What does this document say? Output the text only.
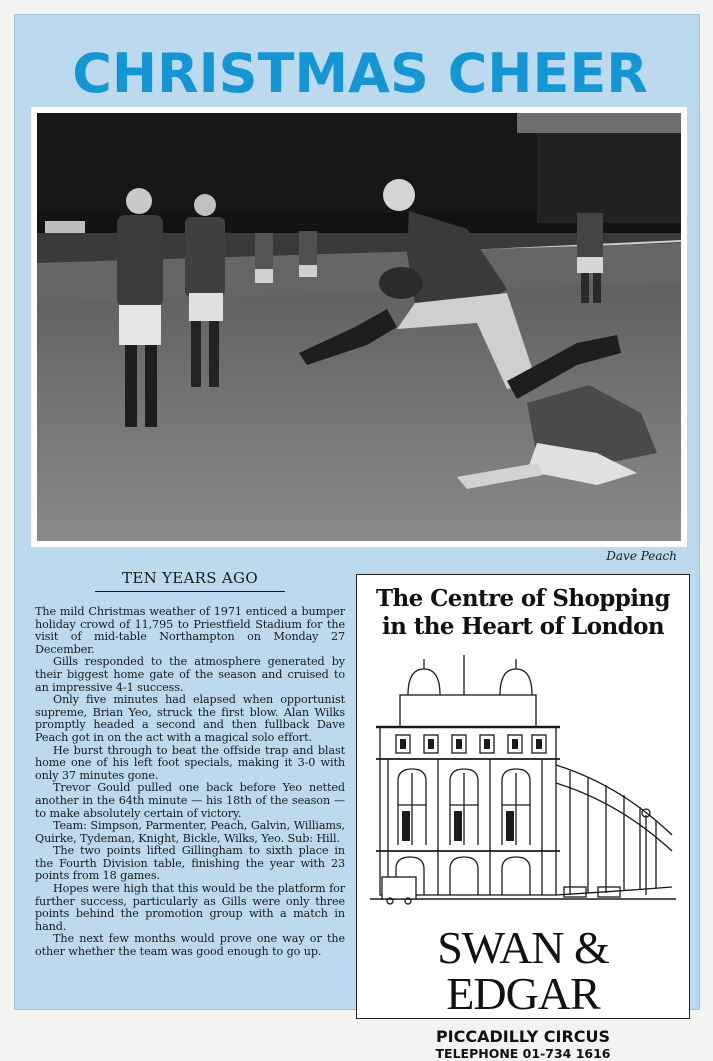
CHRISTMAS CHEER
Dave Peach
TEN YEARS AGO

The mild Christmas weather of 1971 enticed a bumper holiday crowd of 11,795 to Priestfield Stadium for the visit of mid-table Northampton on Monday 27 December.

Gills responded to the atmosphere generated by their biggest home gate of the season and cruised to an impressive 4-1 success.

Only five minutes had elapsed when opportunist supreme, Brian Yeo, struck the first blow. Alan Wilks promptly headed a second and then fullback Dave Peach got in on the act with a magical solo effort.

He burst through to beat the offside trap and blast home one of his left foot specials, making it 3-0 with only 37 minutes gone.

Trevor Gould pulled one back before Yeo netted another in the 64th minute — his 18th of the season — to make absolutely certain of victory.

Team: Simpson, Parmenter, Peach, Galvin, Williams, Quirke, Tydeman, Knight, Bickle, Wilks, Yeo. Sub: Hill.

The two points lifted Gillingham to sixth place in the Fourth Division table, finishing the year with 23 points from 18 games.

Hopes were high that this would be the platform for further success, particularly as Gills were only three points behind the promotion group with a match in hand.

The next few months would prove one way or the other whether the team was good enough to go up.

The Centre of Shopping
in the Heart of London
SWAN & EDGAR
PICCADILLY CIRCUS
TELEPHONE 01-734 1616
